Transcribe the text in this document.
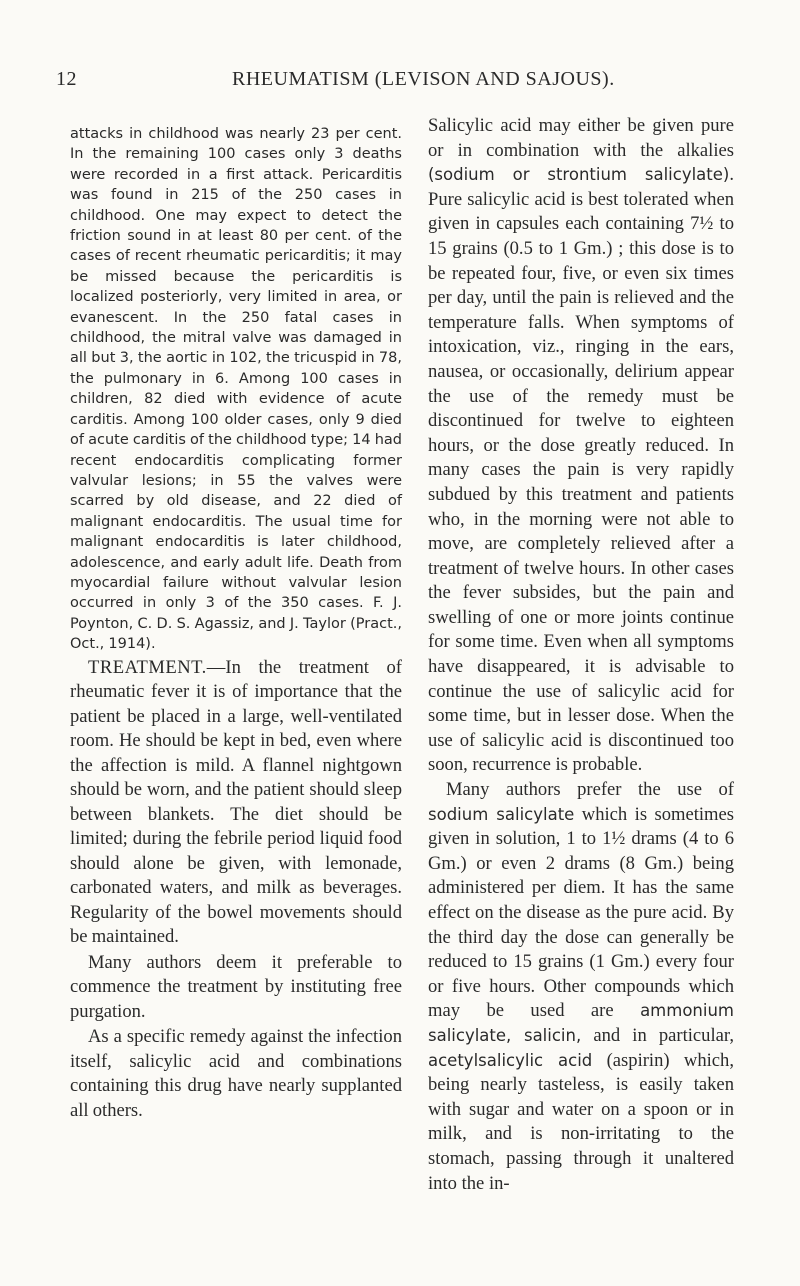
12	RHEUMATISM (LEVISON AND SAJOUS).

attacks in childhood was nearly 23 per cent. In the remaining 100 cases only 3 deaths were recorded in a first attack. Pericarditis was found in 215 of the 250 cases in childhood. One may expect to detect the friction sound in at least 80 per cent. of the cases of recent rheumatic pericarditis; it may be missed because the pericarditis is localized posteriorly, very limited in area, or evanescent. In the 250 fatal cases in childhood, the mitral valve was damaged in all but 3, the aortic in 102, the tricuspid in 78, the pulmonary in 6. Among 100 cases in children, 82 died with evidence of acute carditis. Among 100 older cases, only 9 died of acute carditis of the childhood type; 14 had recent endocarditis complicating former valvular lesions; in 55 the valves were scarred by old disease, and 22 died of malignant endocarditis. The usual time for malignant endocarditis is later childhood, adolescence, and early adult life. Death from myocardial failure without valvular lesion occurred in only 3 of the 350 cases. F. J. Poynton, C. D. S. Agassiz, and J. Taylor (Pract., Oct., 1914).

TREATMENT.—In the treatment of rheumatic fever it is of importance that the patient be placed in a large, well-ventilated room. He should be kept in bed, even where the affection is mild. A flannel nightgown should be worn, and the patient should sleep between blankets. The diet should be limited; during the febrile period liquid food should alone be given, with lemonade, carbonated waters, and milk as beverages. Regularity of the bowel movements should be maintained.

Many authors deem it preferable to commence the treatment by instituting free purgation.

As a specific remedy against the infection itself, salicylic acid and combinations containing this drug have nearly supplanted all others.

Salicylic acid may either be given pure or in combination with the alkalies (sodium or strontium salicylate). Pure salicylic acid is best tolerated when given in capsules each containing 7½ to 15 grains (0.5 to 1 Gm.) ; this dose is to be repeated four, five, or even six times per day, until the pain is relieved and the temperature falls. When symptoms of intoxication, viz., ringing in the ears, nausea, or occasionally, delirium appear the use of the remedy must be discontinued for twelve to eighteen hours, or the dose greatly reduced. In many cases the pain is very rapidly subdued by this treatment and patients who, in the morning were not able to move, are completely relieved after a treatment of twelve hours. In other cases the fever subsides, but the pain and swelling of one or more joints continue for some time. Even when all symptoms have disappeared, it is advisable to continue the use of salicylic acid for some time, but in lesser dose. When the use of salicylic acid is discontinued too soon, recurrence is probable.

Many authors prefer the use of sodium salicylate which is sometimes given in solution, 1 to 1½ drams (4 to 6 Gm.) or even 2 drams (8 Gm.) being administered per diem. It has the same effect on the disease as the pure acid. By the third day the dose can generally be reduced to 15 grains (1 Gm.) every four or five hours. Other compounds which may be used are ammonium salicylate, salicin, and in particular, acetylsalicylic acid (aspirin) which, being nearly tasteless, is easily taken with sugar and water on a spoon or in milk, and is non-irritating to the stomach, passing through it unaltered into the in-
